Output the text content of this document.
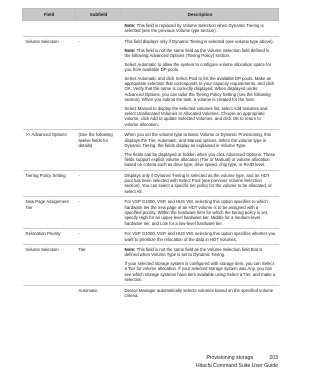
Field	Subfield	Description

		Note: This field is replaced by Volume Selection when Dynamic Tiering is selected (see the previous Volume type section).

Volume Selection	-	This field displays only if Dynamic Tiering is selected (see volume type above).

Note: This field is not the same field as the Volume Selection field defined in the following Advanced Options (Tiering Policy) section.

Select Automatic to allow the system to configure volume allocation space for you from available DP pools.

Select Automatic and click Select Pool to list the available DP pools. Make an appropriate selection that corresponds to your capacity requirements, and click OK. Verify that the name is correctly displayed. When displayed under Advanced Options, you can tailor the Tiering Policy Setting (see the following section). When you submit the task, a volume is created for the host.

Select Manual to display the selected volumes list, select Add Volumes,and select Unallocated Volumes or Allocated Volumes. Choose an appropriate volume, click Add to update Selected Volumes, and click OK to return to volume allocation.

>> Advanced Options	(See the following twelve fields for details)	When you set the volume type to Basic Volume or Dynamic Provisioning, this displays the Tier, Automatic, and Manual options. When the volume type is Dynamic Tiering, the fields display as explained in Volume Type.

The fields can be displayed or hidden when you click Advanced Options. These fields support explicit volume allocation (Tier or Manual) or volume allocation based on criteria such as drive type, drive speed, chip type, or RAID level.

Tiering Policy Setting	-	Displays only if Dynamic Tiering is selected as the volume type, and an HDT pool has been selected with Select Pool (see previous Volume Selection section). You can select a specific tier policy for the volume to be allocated, or select All.

New Page Assignment Tier	-	For VSP G1000, VSP, and HUS VM, selecting this option specifies to which hardware tier the new page of an HDT volume is to be assigned with a specified priority. Within the hardware tiers for which the tiering policy is set, specify High for an upper-level hardware tier, Middle for a medium-level hardware tier, and Low for a low-level hardware tier.

Relocation Priority	-	For VSP G1000, VSP, and HUS VM, selecting this option specifies whether you want to prioritize the relocation of the data in HDT volumes.

Volume Selection	Tier	Note: This field is not the same field as the Volume Selection field that is defined when Volume Type is set to Dynamic Tiering.

If your selected storage system is configured with storage tiers, you can Select a Tier for volume allocation. If your selected storage system was Any, you can see which storage systems have tiers available using Select a Tier, and make a selection.

	Automatic	Device Manager automatically selects volumes based on the specified volume criteria.

Provisioning storage	203
Hitachi Command Suite User Guide
